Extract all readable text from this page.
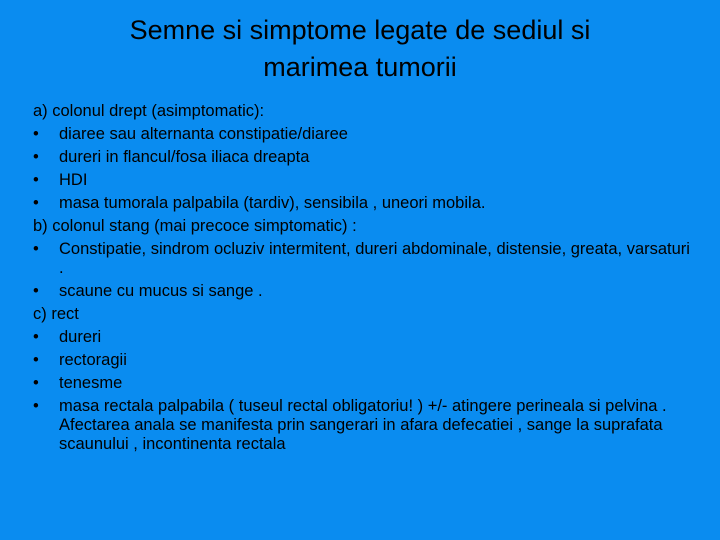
Semne si simptome legate de sediul si
marimea tumorii
a) colonul drept (asimptomatic):
•	diaree sau alternanta constipatie/diaree
•	dureri in flancul/fosa iliaca dreapta
•	HDI
•	masa tumorala palpabila (tardiv), sensibila , uneori mobila.
b) colonul stang (mai precoce simptomatic) :
•	Constipatie, sindrom ocluziv intermitent, dureri abdominale, distensie, greata, varsaturi .
•	scaune cu mucus si sange .
c) rect
•	dureri
•	rectoragii
•	tenesme
•	masa rectala palpabila ( tuseul rectal obligatoriu! ) +/- atingere perineala si pelvina . Afectarea anala se manifesta prin sangerari in afara defecatiei , sange la suprafata scaunului , incontinenta rectala
